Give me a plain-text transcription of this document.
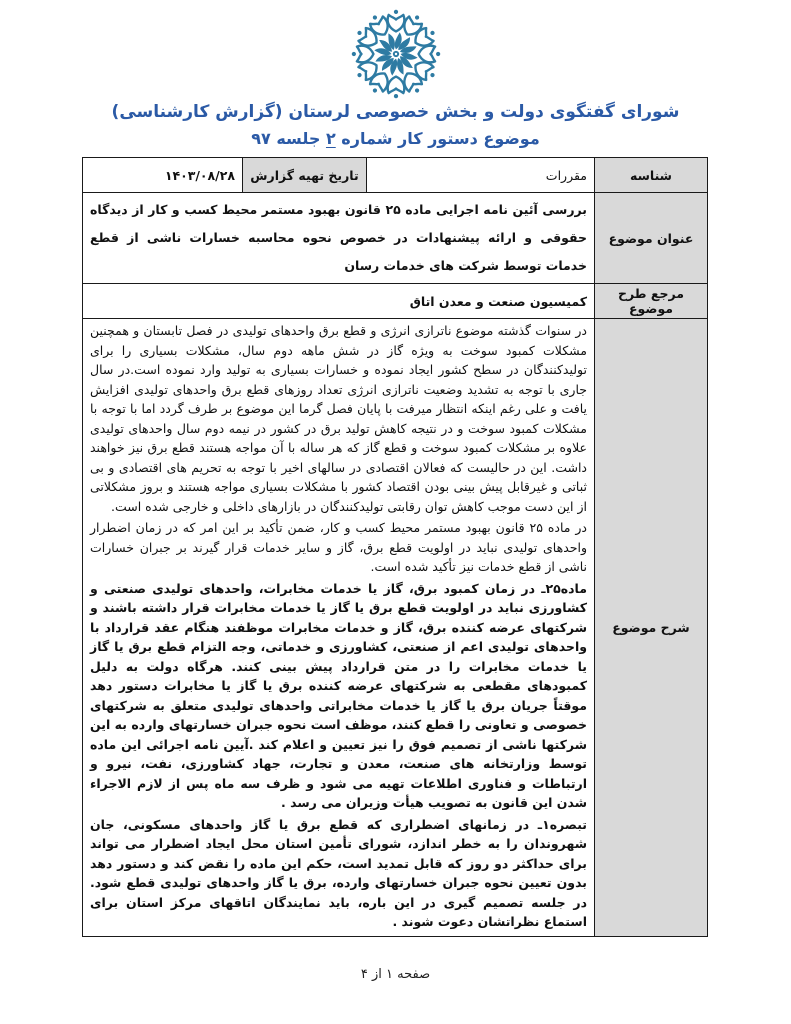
شورای گفتگوی دولت و بخش خصوصی لرستان (گزارش کارشناسی)
موضوع دستور کار شماره ۲ جلسه ۹۷
شناسه	مقررات	تاریخ تهیه گزارش	۱۴۰۳/۰۸/۲۸
عنوان موضوع	بررسی آئین نامه اجرایی ماده ۲۵ قانون بهبود مستمر محیط کسب و کار از دیدگاه حقوقی و ارائه پیشنهادات در خصوص نحوه محاسبه خسارات ناشی از قطع خدمات توسط شرکت های خدمات رسان		
مرجع طرح موضوع	کمیسیون صنعت و معدن اتاق		
شرح موضوع	در سنوات گذشته موضوع ناترازی انرژی و قطع برق واحدهای تولیدی در فصل تابستان و همچنین مشکلات کمبود سوخت به ویژه گاز در شش ماهه دوم سال، مشکلات بسیاری را برای تولیدکنندگان در سطح کشور ایجاد نموده و خسارات بسیاری به تولید وارد نموده است.در سال جاری با توجه به تشدید وضعیت ناترازی انرژی تعداد روزهای قطع برق واحدهای تولیدی افزایش یافت و علی رغم اینکه انتظار میرفت با پایان فصل گرما این موضوع بر طرف گردد اما با توجه با مشکلات کمبود سوخت و در نتیجه کاهش تولید برق در کشور در نیمه دوم سال واحدهای تولیدی علاوه بر مشکلات کمبود سوخت و قطع گاز که هر ساله با آن مواجه هستند قطع برق نیز خواهند داشت. این در حالیست که فعالان اقتصادی در سالهای اخیر با توجه به تحریم های اقتصادی و بی ثباتی و غیرقابل پیش بینی بودن اقتصاد کشور با مشکلات بسیاری مواجه هستند و بروز مشکلاتی از این دست موجب کاهش توان رقابتی تولیدکنندگان در بازارهای داخلی و خارجی شده است.

در ماده ۲۵ قانون بهبود مستمر محیط کسب و کار، ضمن تأکید بر این امر که در زمان اضطرار واحدهای تولیدی نباید در اولویت قطع برق، گاز و سایر خدمات قرار گیرند بر جبران خسارات ناشی از قطع خدمات نیز تأکید شده است.

ماده۲۵ـ در زمان کمبود برق، گاز یا خدمات مخابرات، واحدهای تولیدی صنعتی و کشاورزی نباید در اولویت قطع برق یا گاز یا خدمات مخابرات قرار داشته باشند و شرکتهای عرضه کننده برق، گاز و خدمات مخابرات موظفند هنگام عقد قرارداد با واحدهای تولیدی اعم از صنعتی، کشاورزی و خدماتی، وجه التزام قطع برق یا گاز یا خدمات مخابرات را در متن قرارداد پیش بینی کنند. هرگاه دولت به دلیل کمبودهای مقطعی به شرکتهای عرضه کننده برق یا گاز یا مخابرات دستور دهد موقتاً جریان برق یا گاز یا خدمات مخابراتی واحدهای تولیدی متعلق به شرکتهای خصوصی و تعاونی را قطع کنند، موظف است نحوه جبران خسارتهای وارده به این شرکتها ناشی از تصمیم فوق را نیز تعیین و اعلام کند .آیین نامه اجرائی این ماده توسط وزارتخانه های صنعت، معدن و تجارت، جهاد کشاورزی، نفت، نیرو و ارتباطات و فناوری اطلاعات تهیه می شود و ظرف سه ماه پس از لازم الاجراء شدن این قانون به تصویب هیأت وزیران می رسد .

تبصره۱ـ در زمانهای اضطراری که قطع برق یا گاز واحدهای مسکونی، جان شهروندان را به خطر اندازد، شورای تأمین استان محل ایجاد اضطرار می تواند برای حداکثر دو روز که قابل تمدید است، حکم این ماده را نقض کند و دستور دهد بدون تعیین نحوه جبران خسارتهای وارده، برق یا گاز واحدهای تولیدی قطع شود. در جلسه تصمیم گیری در این باره، باید نمایندگان اتاقهای مرکز استان برای استماع نظراتشان دعوت شوند .		

صفحه ۱ از ۴
